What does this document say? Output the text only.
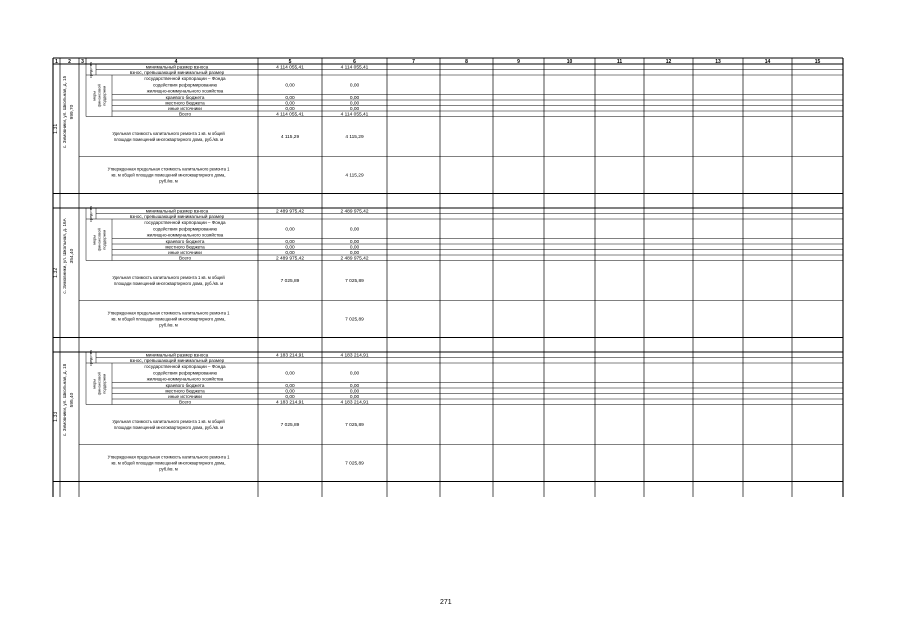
1 2 3	4	5	6	7	8	9	10	11	12	13	14	15
1.31 с. Зимовники, ул. Школьная, д. 15 999,70
средства
меры финансовой поддержки
минимальный размер взноса	4 114 055,41	4 114 055,41
взнос, превышающий минимальный размер
государственной корпорации – Фонда
содействия реформированию
жилищно-коммунального хозяйства
0,00	0,00
краевого бюджета	0,00	0,00
местного бюджета	0,00	0,00
иные источники	0,00	0,00
Всего	4 114 055,41	4 114 055,41
Удельная стоимость капитального ремонта 1 кв. м общей
площади помещений многоквартирного дома, руб./кв. м	4 115,29	4 115,29
Утвержденная предельная стоимость капитального ремонта 1
кв. м общей площади помещений многоквартирного дома,
руб./кв. м
4 115,29
1.32 с. Зимовники, ул. Школьная, д. 16А 354,40
средства
меры финансовой поддержки
минимальный размер взноса	2 489 975,42	2 489 975,42
взнос, превышающий минимальный размер
государственной корпорации – Фонда
содействия реформированию
жилищно-коммунального хозяйства
0,00	0,00
краевого бюджета	0,00	0,00
местного бюджета	0,00	0,00
иные источники	0,00	0,00
Всего	2 489 975,42	2 489 975,42
Удельная стоимость капитального ремонта 1 кв. м общей
площади помещений многоквартирного дома, руб./кв. м	7 025,89	7 025,89
Утвержденная предельная стоимость капитального ремонта 1
кв. м общей площади помещений многоквартирного дома,
руб./кв. м
7 025,89
1.33 с. Зимовники, ул. Школьная, д. 18 595,40
средства
меры финансовой поддержки
минимальный размер взноса	4 183 214,91	4 183 214,91
взнос, превышающий минимальный размер
государственной корпорации – Фонда
содействия реформированию
жилищно-коммунального хозяйства
0,00	0,00
краевого бюджета	0,00	0,00
местного бюджета	0,00	0,00
иные источники	0,00	0,00
Всего	4 183 214,91	4 183 214,91
Удельная стоимость капитального ремонта 1 кв. м общей
площади помещений многоквартирного дома, руб./кв. м	7 025,89	7 025,89
Утвержденная предельная стоимость капитального ремонта 1
кв. м общей площади помещений многоквартирного дома,
руб./кв. м
7 025,89
271
